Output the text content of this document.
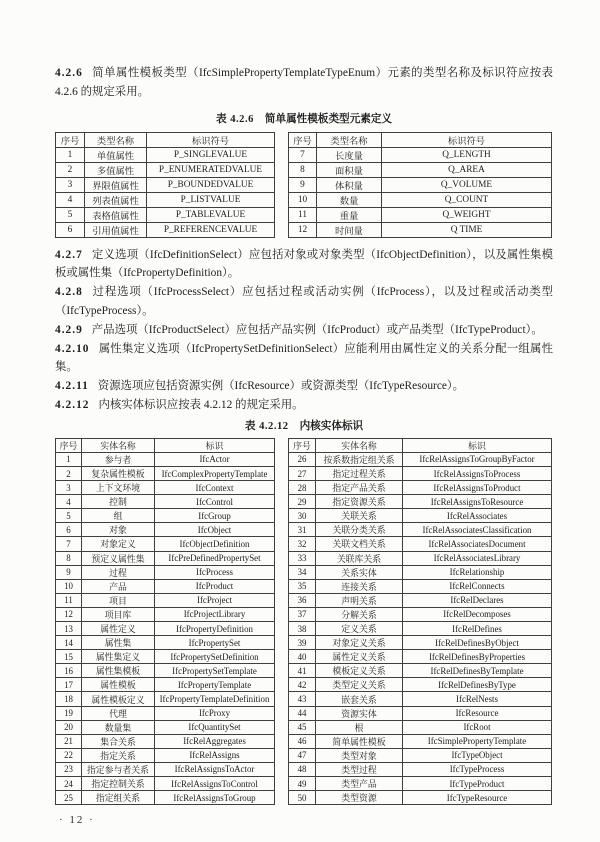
4.2.6 简单属性模板类型（IfcSimplePropertyTemplateTypeEnum）元素的类型名称及标识符应按表 4.2.6 的规定采用。

表 4.2.6 简单属性模板类型元素定义
序号	类型名称	标识符号
1	单值属性	P_SINGLEVALUE
2	多值属性	P_ENUMERATEDVALUE
3	界限值属性	P_BOUNDEDVALUE
4	列表值属性	P_LISTVALUE
5	表格值属性	P_TABLEVALUE
6	引用值属性	P_REFERENCEVALUE
序号	类型名称	标识符号
7	长度量	Q_LENGTH
8	面积量	Q_AREA
9	体积量	Q_VOLUME
10	数量	Q_COUNT
11	重量	Q_WEIGHT
12	时间量	Q TIME

4.2.7 定义选项（IfcDefinitionSelect）应包括对象或对象类型（IfcObjectDefinition），以及属性集模板或属性集（IfcPropertyDefinition）。

4.2.8 过程选项（IfcProcessSelect）应包括过程或活动实例（IfcProcess），以及过程或活动类型（IfcTypeProcess）。

4.2.9 产品选项（IfcProductSelect）应包括产品实例（IfcProduct）或产品类型（IfcTypeProduct）。

4.2.10 属性集定义选项（IfcPropertySetDefinitionSelect）应能利用由属性定义的关系分配一组属性集。

4.2.11 资源选项应包括资源实例（IfcResource）或资源类型（IfcTypeResource）。

4.2.12 内核实体标识应按表 4.2.12 的规定采用。

表 4.2.12 内核实体标识
序号	实体名称	标识
1	参与者	IfcActor
2	复杂属性模板	IfcComplexPropertyTemplate
3	上下文环境	IfcContext
4	控制	IfcControl
5	组	IfcGroup
6	对象	IfcObject
7	对象定义	IfcObjectDefinition
8	预定义属性集	IfcPreDefinedPropertySet
9	过程	IfcProcess
10	产品	IfcProduct
11	项目	IfcProject
12	项目库	IfcProjectLibrary
13	属性定义	IfcPropertyDefinition
14	属性集	IfcPropertySet
15	属性集定义	IfcPropertySetDefinition
16	属性集模板	IfcPropertySetTemplate
17	属性模板	IfcPropertyTemplate
18	属性模板定义	IfcPropertyTemplateDefinition
19	代理	IfcProxy
20	数量集	IfcQuantitySet
21	集合关系	IfcRelAggregates
22	指定关系	IfcRelAssigns
23	指定参与者关系	IfcRelAssignsToActor
24	指定控制关系	IfcRelAssignsToControl
25	指定组关系	IfcRelAssignsToGroup
序号	实体名称	标识
26	按系数指定组关系	IfcRelAssignsToGroupByFactor
27	指定过程关系	IfcRelAssignsToProcess
28	指定产品关系	IfcRelAssignsToProduct
29	指定资源关系	IfcRelAssignsToResource
30	关联关系	IfcRelAssociates
31	关联分类关系	IfcRelAssociatesClassification
32	关联文档关系	IfcRelAssociatesDocument
33	关联库关系	IfcRelAssociatesLibrary
34	关系实体	IfcRelationship
35	连接关系	IfcRelConnects
36	声明关系	IfcRelDeclares
37	分解关系	IfcRelDecomposes
38	定义关系	IfcRelDefines
39	对象定义关系	IfcRelDefinesByObject
40	属性定义关系	IfcRelDefinesByProperties
41	模板定义关系	IfcRelDefinesByTemplate
42	类型定义关系	IfcRelDefinesByType
43	嵌套关系	IfcRelNests
44	资源实体	IfcResource
45	根	IfcRoot
46	简单属性模板	IfcSimplePropertyTemplate
47	类型对象	IfcTypeObject
48	类型过程	IfcTypeProcess
49	类型产品	IfcTypeProduct
50	类型资源	IfcTypeResource
· 12 ·
